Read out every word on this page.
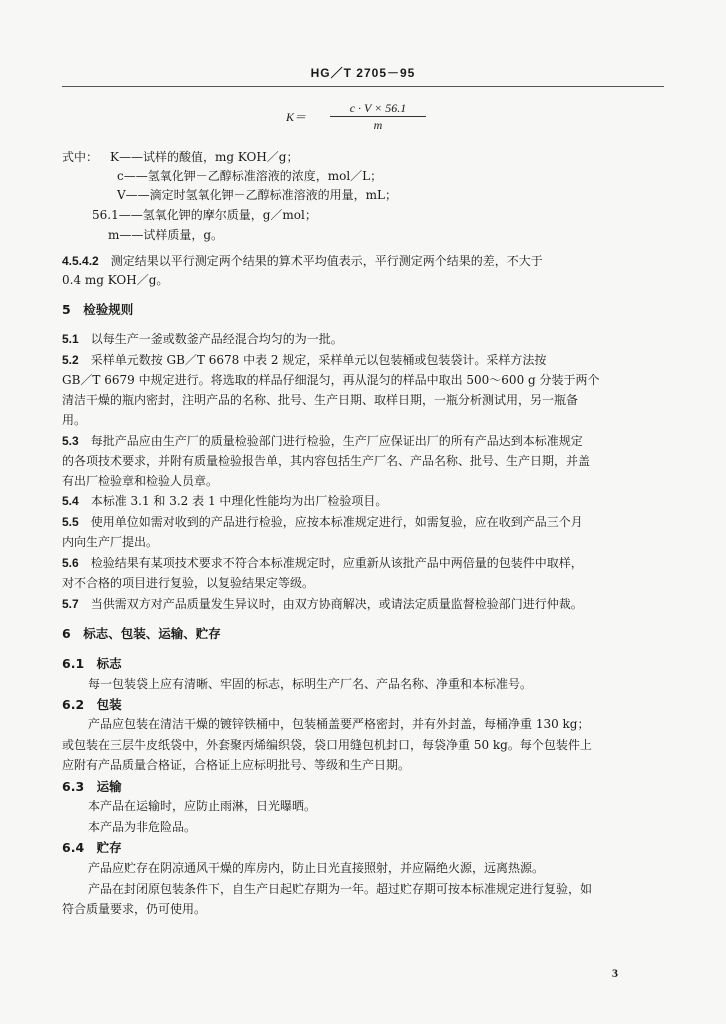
HG／T 2705－95
K＝
c · V × 56.1
m
式中： K——试样的酸值，mg KOH／g；
c——氢氧化钾－乙醇标准溶液的浓度，mol／L；
V——滴定时氢氧化钾－乙醇标准溶液的用量，mL；
56.1——氢氧化钾的摩尔质量，g／mol；
m——试样质量，g。
4.5.4.2　 测定结果以平行测定两个结果的算术平均值表示，平行测定两个结果的差，不大于
0.4 mg KOH／g。
5　检验规则
5.1　 以每生产一釜或数釜产品经混合均匀的为一批。
5.2　 采样单元数按 GB／T 6678 中表 2 规定，采样单元以包装桶或包装袋计。采样方法按
GB／T 6679 中规定进行。将选取的样品仔细混匀，再从混匀的样品中取出 500～600 g 分装于两个
清洁干燥的瓶内密封，注明产品的名称、批号、生产日期、取样日期，一瓶分析测试用，另一瓶备
用。
5.3　 每批产品应由生产厂的质量检验部门进行检验，生产厂应保证出厂的所有产品达到本标准规定
的各项技术要求，并附有质量检验报告单，其内容包括生产厂名、产品名称、批号、生产日期，并盖
有出厂检验章和检验人员章。
5.4　 本标准 3.1 和 3.2 表 1 中理化性能均为出厂检验项目。
5.5　 使用单位如需对收到的产品进行检验，应按本标准规定进行，如需复验，应在收到产品三个月
内向生产厂提出。
5.6　 检验结果有某项技术要求不符合本标准规定时，应重新从该批产品中两倍量的包装件中取样，
对不合格的项目进行复验，以复验结果定等级。
5.7　 当供需双方对产品质量发生异议时，由双方协商解决，或请法定质量监督检验部门进行仲裁。
6　标志、包装、运输、贮存
6.1　标志
每一包装袋上应有清晰、牢固的标志，标明生产厂名、产品名称、净重和本标准号。
6.2　包装
产品应包装在清洁干燥的镀锌铁桶中，包装桶盖要严格密封，并有外封盖，每桶净重 130 kg；
或包装在三层牛皮纸袋中，外套聚丙烯编织袋，袋口用缝包机封口，每袋净重 50 kg。每个包装件上
应附有产品质量合格证，合格证上应标明批号、等级和生产日期。
6.3　运输
本产品在运输时，应防止雨淋，日光曝晒。
本产品为非危险品。
6.4　贮存
产品应贮存在阴凉通风干燥的库房内，防止日光直接照射，并应隔绝火源，远离热源。
产品在封闭原包装条件下，自生产日起贮存期为一年。超过贮存期可按本标准规定进行复验，如
符合质量要求，仍可使用。
3
